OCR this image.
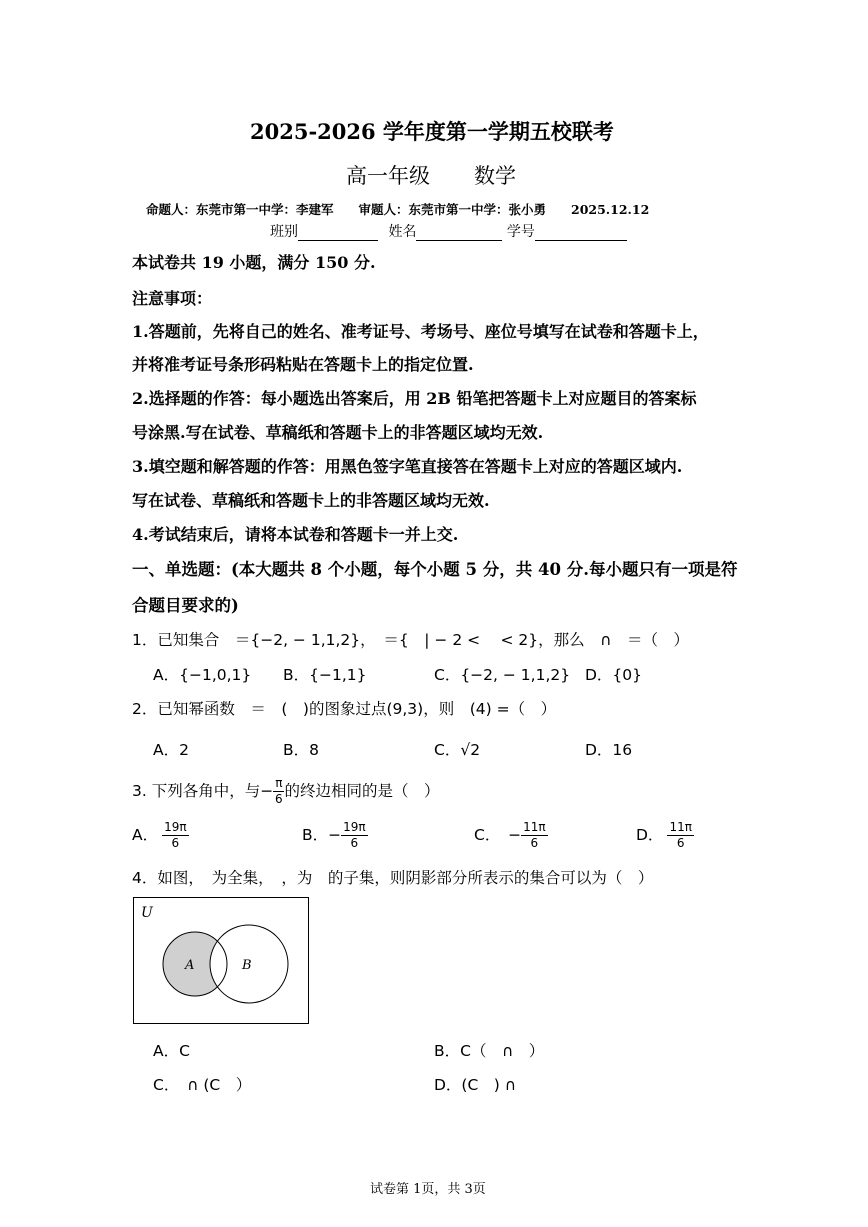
2025-2026 学年度第一学期五校联考
高一年级 数学
命题人：东莞市第一中学：李建军　　审题人：东莞市第一中学：张小勇　　2025.12.12
班别	姓名	学号
本试卷共 19 小题，满分 150 分.
注意事项：
1.答题前，先将自己的姓名、准考证号、考场号、座位号填写在试卷和答题卡上，
并将准考证号条形码粘贴在答题卡上的指定位置.
2.选择题的作答：每小题选出答案后，用 2B 铅笔把答题卡上对应题目的答案标
号涂黑.写在试卷、草稿纸和答题卡上的非答题区域均无效.
3.填空题和解答题的作答：用黑色签字笔直接答在答题卡上对应的答题区域内.
写在试卷、草稿纸和答题卡上的非答题区域均无效.
4.考试结束后，请将本试卷和答题卡一并上交.
一、单选题：(本大题共 8 个小题，每个小题 5 分，共 40 分.每小题只有一项是符
合题目要求的)
1．已知集合　＝{−2, − 1,1,2}，　＝{　| − 2 <　 < 2}，那么　∩　＝（　）
A．{−1,0,1} B．{−1,1}	C．{−2, − 1,1,2} D．{0}
2．已知幂函数　＝　(　)的图象过点(9,3)，则　(4) =（　）
A．2	B．8	C．√2	D．16
3. 下列各角中，与− $\frac{\pi}{6}$ 的终边相同的是（　）
A． $\frac{19\pi}{6}$	B．− $\frac{19\pi}{6}$	C．　− $\frac{11\pi}{6}$	D． $\frac{11\pi}{6}$
4．如图，　为全集，　，为　的子集，则阴影部分所表示的集合可以为（　）
U
A	B
A．C	B．C（　∩　）
C．　∩ (C　）	D．(C　) ∩
试卷第 1页，共 3页
